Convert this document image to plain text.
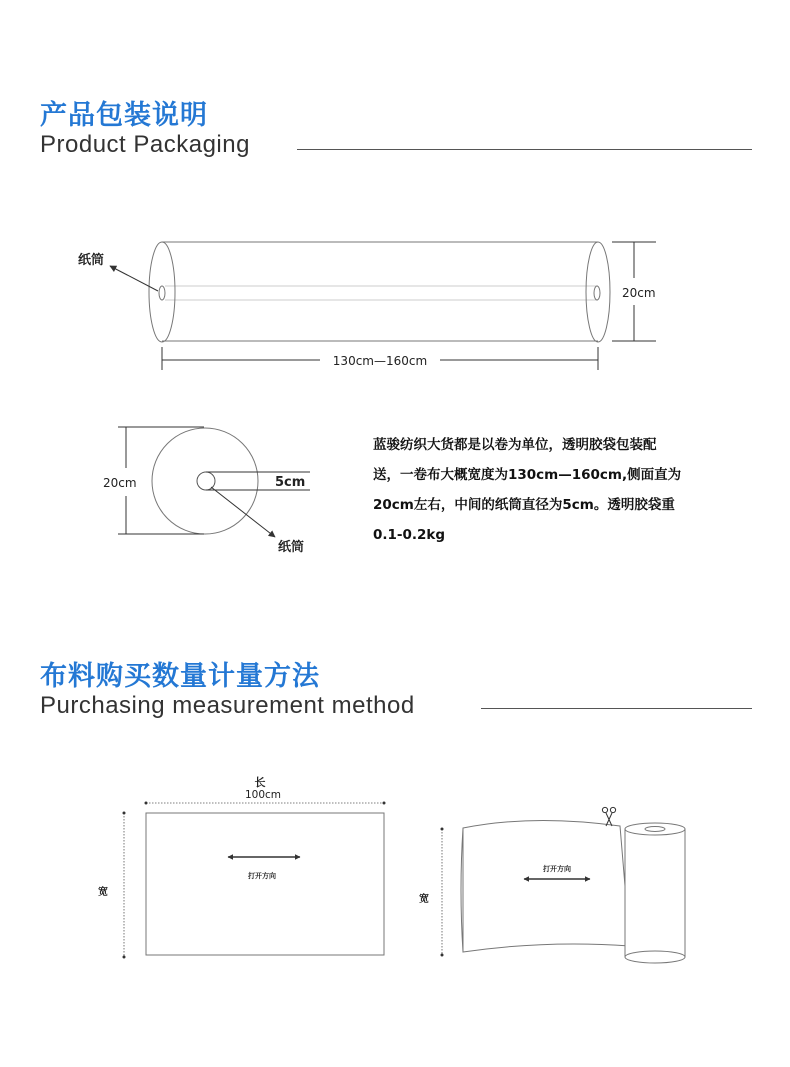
产品包装说明
Product Packaging
蓝骏纺织大货都是以卷为单位，透明胶袋包装配
送，一卷布大概宽度为130cm—160cm,侧面直为
20cm左右，中间的纸筒直径为5cm。透明胶袋重
0.1-0.2kg
布料购买数量计量方法
Purchasing measurement method
纸筒
20cm
130cm—160cm
20cm	5cm
纸筒
长
100cm
宽
打开方向
宽
打开方向
